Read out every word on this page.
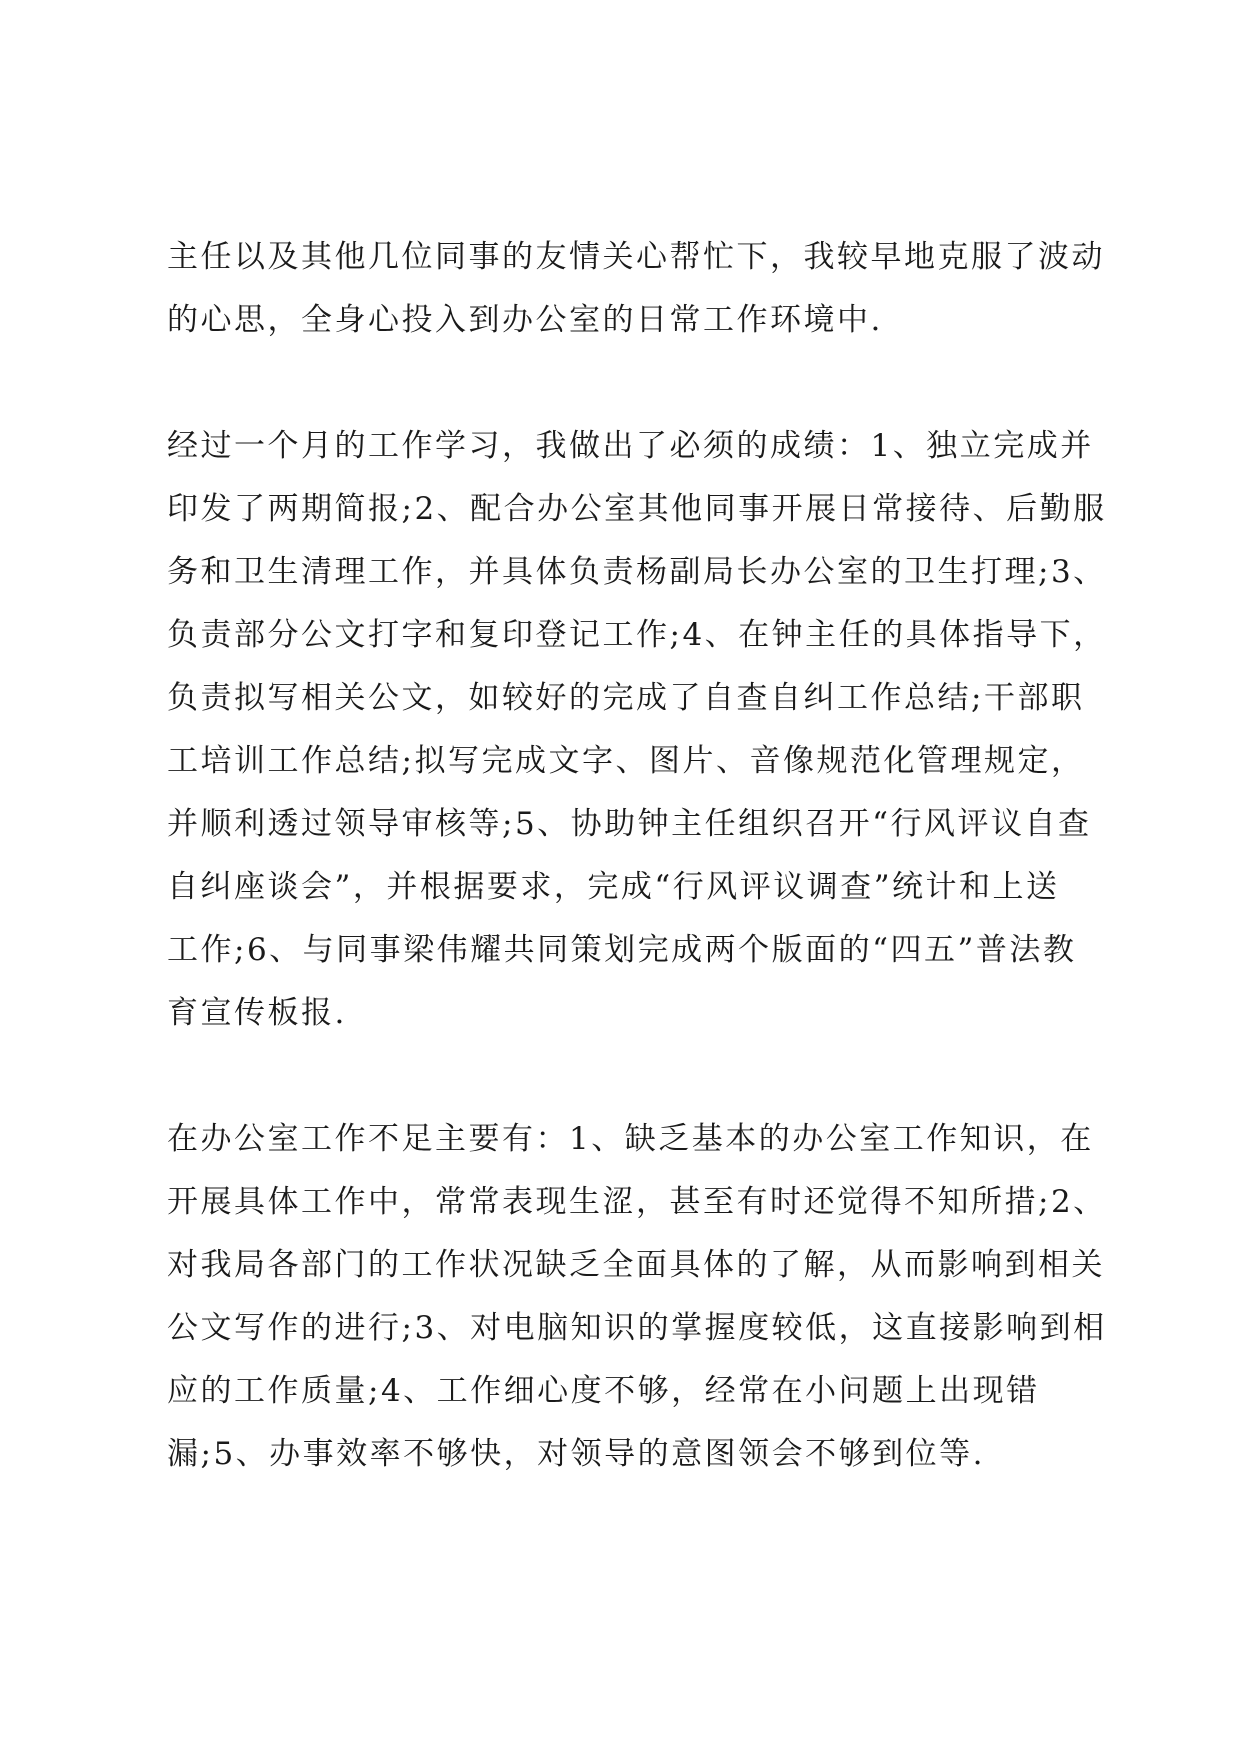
主任以及其他几位同事的友情关心帮忙下，我较早地克服了波动
的心思，全身心投入到办公室的日常工作环境中.
经过一个月的工作学习，我做出了必须的成绩：1、独立完成并
印发了两期简报;2、配合办公室其他同事开展日常接待、后勤服
务和卫生清理工作，并具体负责杨副局长办公室的卫生打理;3、
负责部分公文打字和复印登记工作;4、在钟主任的具体指导下，
负责拟写相关公文，如较好的完成了自查自纠工作总结;干部职
工培训工作总结;拟写完成文字、图片、音像规范化管理规定，
并顺利透过领导审核等;5、协助钟主任组织召开“行风评议自查
自纠座谈会”，并根据要求，完成“行风评议调查”统计和上送
工作;6、与同事梁伟耀共同策划完成两个版面的“四五”普法教
育宣传板报.
在办公室工作不足主要有：1、缺乏基本的办公室工作知识，在
开展具体工作中，常常表现生涩，甚至有时还觉得不知所措;2、
对我局各部门的工作状况缺乏全面具体的了解，从而影响到相关
公文写作的进行;3、对电脑知识的掌握度较低，这直接影响到相
应的工作质量;4、工作细心度不够，经常在小问题上出现错
漏;5、办事效率不够快，对领导的意图领会不够到位等.
